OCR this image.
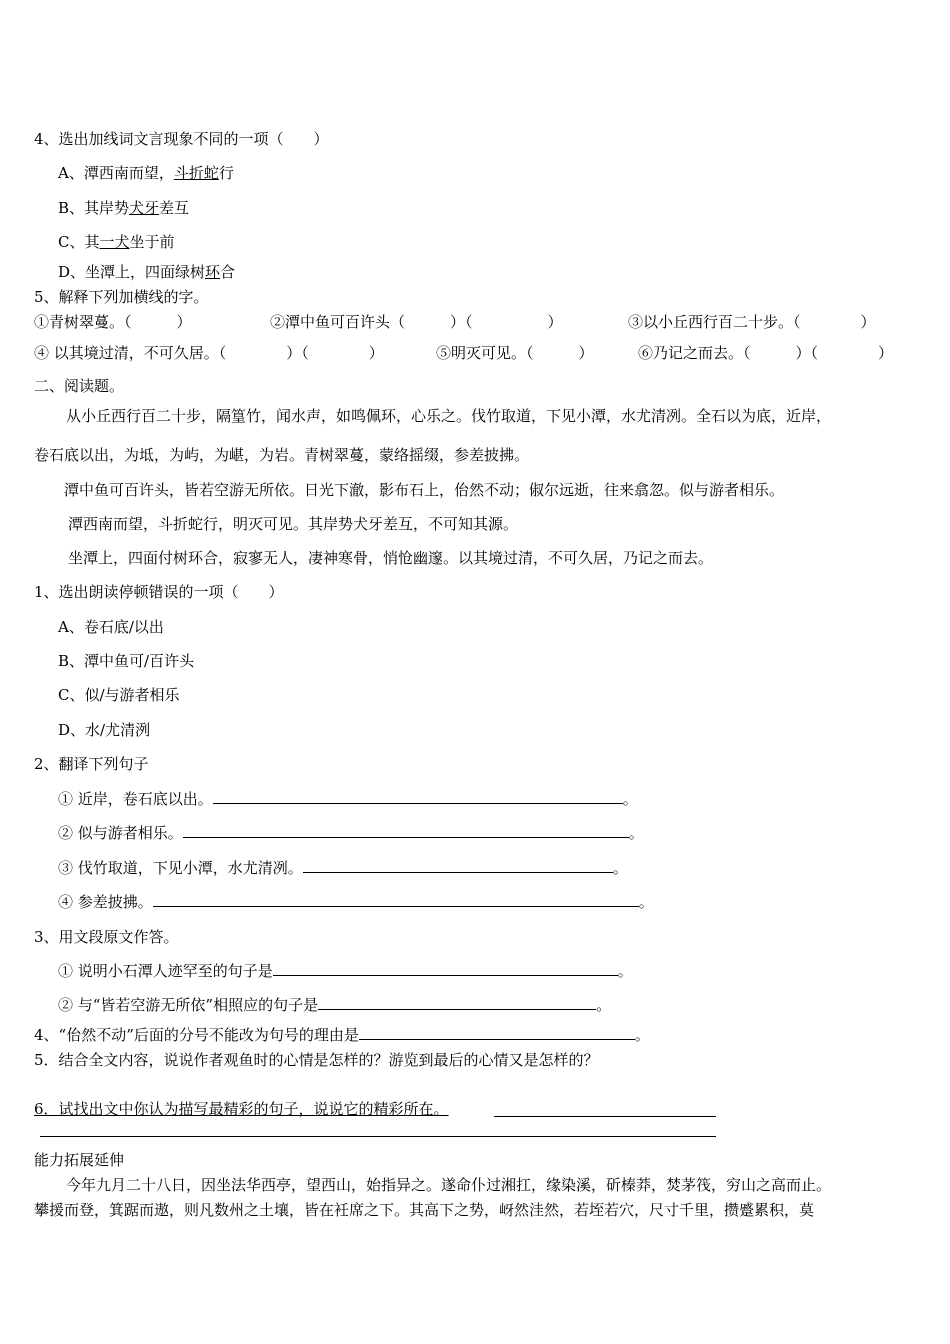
4、选出加线词文言现象不同的一项（　　）
A、潭西南而望，斗折蛇行
B、其岸势犬牙差互
C、其一犬坐于前
D、坐潭上，四面绿树环合
5、解释下列加横线的字。
①青树翠蔓。（　　　）	②潭中鱼可百许头（　　　）（　　　　　）	③以小丘西行百二十步。（　　　　）
④ 以其境过清，不可久居。（　　　　）（　　　　）	⑤明灭可见。（　　　）	⑥乃记之而去。（　　　）（　　　　）
二、阅读题。
从小丘西行百二十步，隔篁竹，闻水声，如鸣佩环，心乐之。伐竹取道，下见小潭，水尤清冽。全石以为底，近岸，
卷石底以出，为坻，为屿，为嵁，为岩。青树翠蔓，蒙络摇缀，参差披拂。
潭中鱼可百许头，皆若空游无所依。日光下澈，影布石上，佁然不动；俶尔远逝，往来翕忽。似与游者相乐。
潭西南而望，斗折蛇行，明灭可见。其岸势犬牙差互，不可知其源。
坐潭上，四面付树环合，寂寥无人，凄神寒骨，悄怆幽邃。以其境过清，不可久居，乃记之而去。
1、选出朗读停顿错误的一项（　　）
A、卷石底/以出
B、潭中鱼可/百许头
C、似/与游者相乐
D、水/尤清洌
2、翻译下列句子
① 近岸，卷石底以出。	。
② 似与游者相乐。	。
③ 伐竹取道，下见小潭，水尤清冽。	。
④ 参差披拂。	。
3、用文段原文作答。
① 说明小石潭人迹罕至的句子是	。
② 与“皆若空游无所依”相照应的句子是	。
4、“佁然不动”后面的分号不能改为句号的理由是	。
5．结合全文内容，说说作者观鱼时的心情是怎样的？游览到最后的心情又是怎样的？
6．试找出文中你认为描写最精彩的句子，说说它的精彩所在。
能力拓展延伸
今年九月二十八日，因坐法华西亭，望西山，始指异之。遂命仆过湘扛，缘染溪，斫榛莽，焚茅筏，穷山之高而止。
攀援而登，箕踞而遨，则凡数州之土壤，皆在衽席之下。其高下之势，岈然洼然，若垤若穴，尺寸千里，攒蹙累积，莫
